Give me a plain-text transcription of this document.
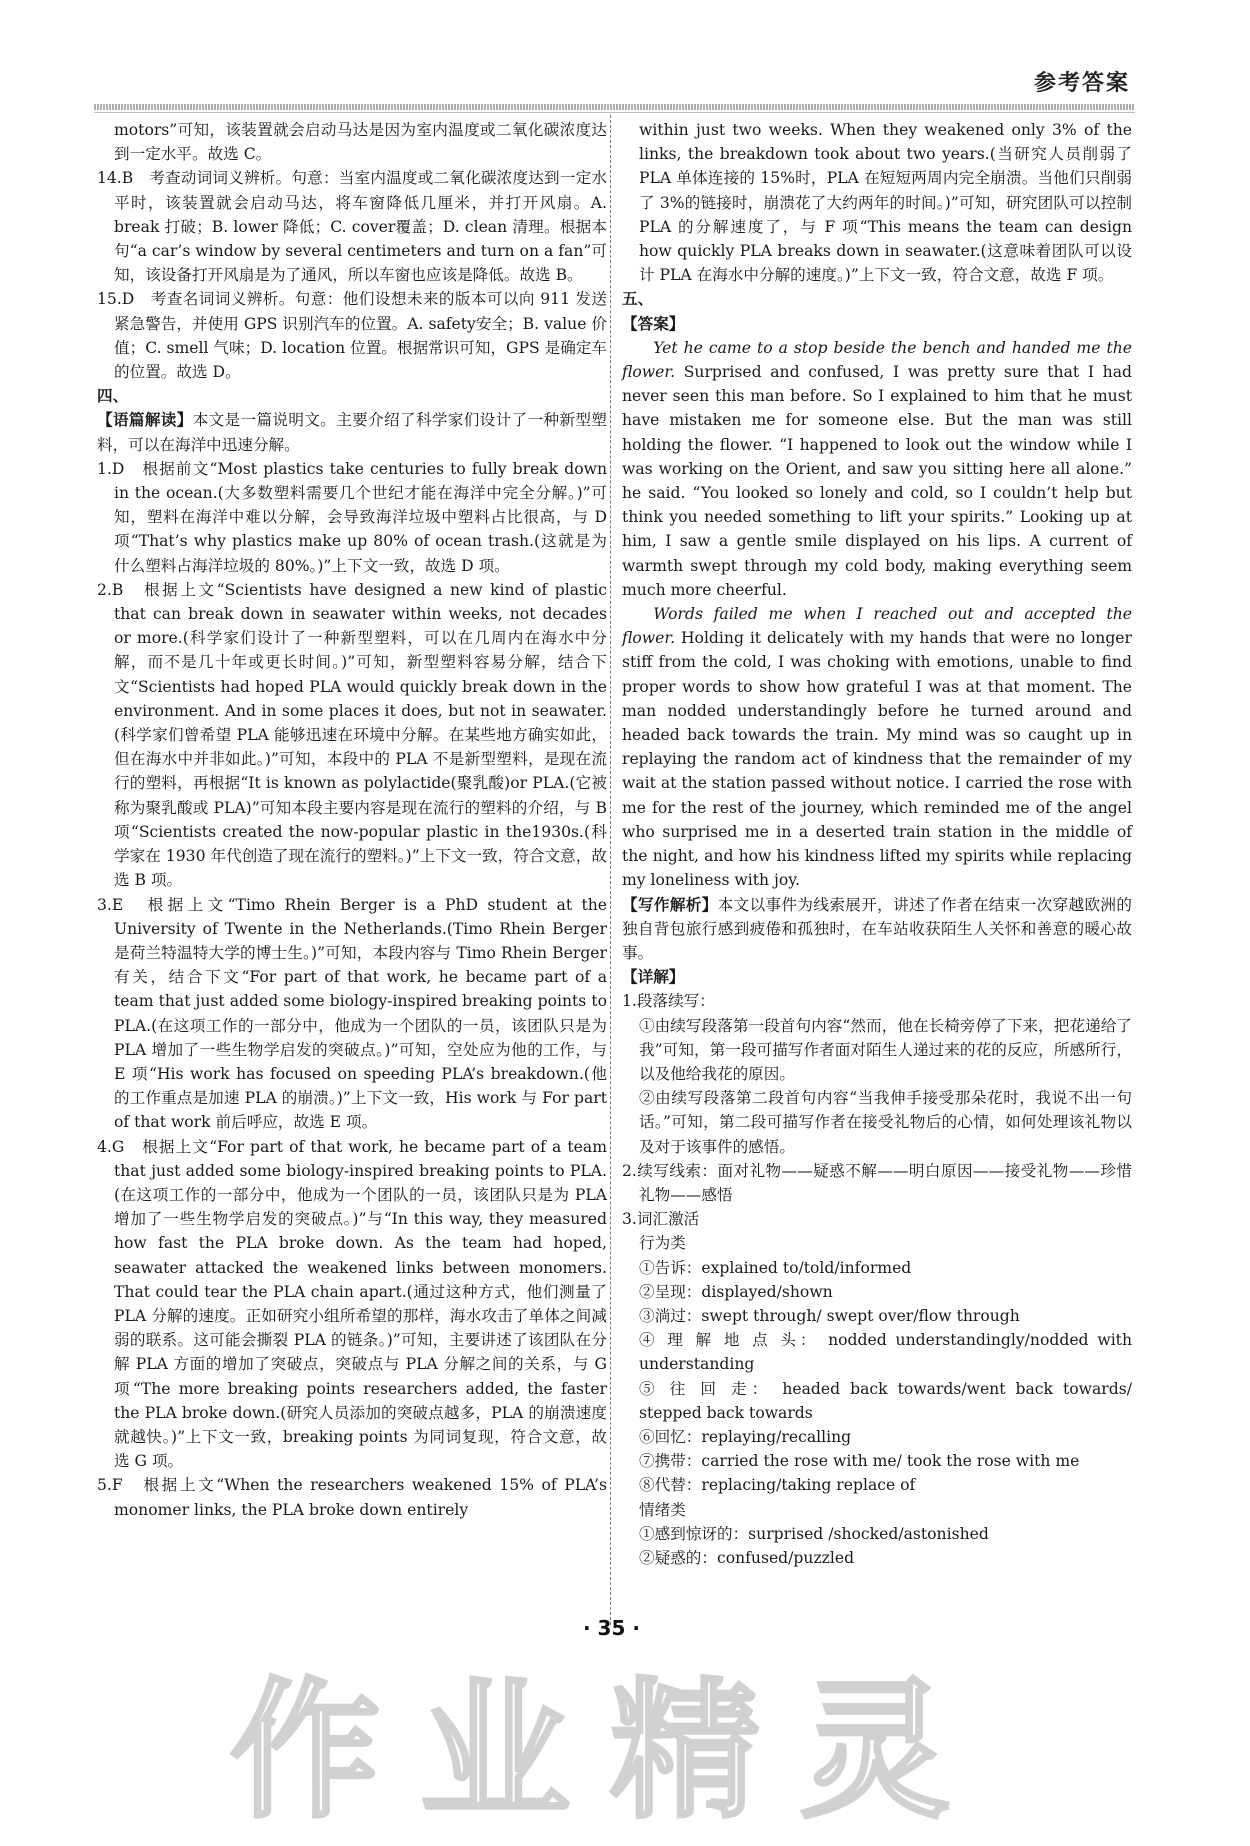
参考答案

motors”可知，该装置就会启动马达是因为室内温度或二氧化碳浓度达到一定水平。故选 C。

14.B　考查动词词义辨析。句意：当室内温度或二氧化碳浓度达到一定水平时，该装置就会启动马达，将车窗降低几厘米，并打开风扇。A. break 打破；B. lower 降低；C. cover覆盖；D. clean 清理。根据本句“a car’s window by several centimeters and turn on a fan”可知，该设备打开风扇是为了通风，所以车窗也应该是降低。故选 B。

15.D　考查名词词义辨析。句意：他们设想未来的版本可以向 911 发送紧急警告，并使用 GPS 识别汽车的位置。A. safety安全；B. value 价值；C. smell 气味；D. location 位置。根据常识可知，GPS 是确定车的位置。故选 D。

四、

【语篇解读】本文是一篇说明文。主要介绍了科学家们设计了一种新型塑料，可以在海洋中迅速分解。

1.D　根据前文“Most plastics take centuries to fully break down in the ocean.(大多数塑料需要几个世纪才能在海洋中完全分解。)”可知，塑料在海洋中难以分解，会导致海洋垃圾中塑料占比很高，与 D 项“That’s why plastics make up 80% of ocean trash.(这就是为什么塑料占海洋垃圾的 80%。)”上下文一致，故选 D 项。

2.B　根据上文“Scientists have designed a new kind of plastic that can break down in seawater within weeks, not decades or more.(科学家们设计了一种新型塑料，可以在几周内在海水中分解，而不是几十年或更长时间。)”可知，新型塑料容易分解，结合下文“Scientists had hoped PLA would quickly break down in the environment. And in some places it does, but not in seawater.(科学家们曾希望 PLA 能够迅速在环境中分解。在某些地方确实如此，但在海水中并非如此。)”可知，本段中的 PLA 不是新型塑料，是现在流行的塑料，再根据“It is known as polylactide(聚乳酸)or PLA.(它被称为聚乳酸或 PLA)”可知本段主要内容是现在流行的塑料的介绍，与 B 项“Scientists created the now-popular plastic in the1930s.(科学家在 1930 年代创造了现在流行的塑料。)”上下文一致，符合文意，故选 B 项。

3.E　根据上文“Timo Rhein Berger is a PhD student at the University of Twente in the Netherlands.(Timo Rhein Berger 是荷兰特温特大学的博士生。)”可知，本段内容与 Timo Rhein Berger 有关，结合下文“For part of that work, he became part of a team that just added some biology-inspired breaking points to PLA.(在这项工作的一部分中，他成为一个团队的一员，该团队只是为 PLA 增加了一些生物学启发的突破点。)”可知，空处应为他的工作，与 E 项“His work has focused on speeding PLA’s breakdown.(他的工作重点是加速 PLA 的崩溃。)”上下文一致，His work 与 For part of that work 前后呼应，故选 E 项。

4.G　根据上文“For part of that work, he became part of a team that just added some biology-inspired breaking points to PLA.(在这项工作的一部分中，他成为一个团队的一员，该团队只是为 PLA 增加了一些生物学启发的突破点。)”与“In this way, they measured how fast the PLA broke down. As the team had hoped, seawater attacked the weakened links between monomers. That could tear the PLA chain apart.(通过这种方式，他们测量了 PLA 分解的速度。正如研究小组所希望的那样，海水攻击了单体之间减弱的联系。这可能会撕裂 PLA 的链条。)”可知，主要讲述了该团队在分解 PLA 方面的增加了突破点，突破点与 PLA 分解之间的关系，与 G 项“The more breaking points researchers added, the faster the PLA broke down.(研究人员添加的突破点越多，PLA 的崩溃速度就越快。)”上下文一致，breaking points 为同词复现，符合文意，故选 G 项。

5.F　根据上文“When the researchers weakened 15% of PLA’s monomer links, the PLA broke down entirely

within just two weeks. When they weakened only 3% of the links, the breakdown took about two years.(当研究人员削弱了 PLA 单体连接的 15%时，PLA 在短短两周内完全崩溃。当他们只削弱了 3%的链接时，崩溃花了大约两年的时间。)”可知，研究团队可以控制 PLA 的分解速度了，与 F 项“This means the team can design how quickly PLA breaks down in seawater.(这意味着团队可以设计 PLA 在海水中分解的速度。)”上下文一致，符合文意，故选 F 项。

五、

【答案】

Yet he came to a stop beside the bench and handed me the flower. Surprised and confused, I was pretty sure that I had never seen this man before. So I explained to him that he must have mistaken me for someone else. But the man was still holding the flower. “I happened to look out the window while I was working on the Orient, and saw you sitting here all alone.” he said. “You looked so lonely and cold, so I couldn’t help but think you needed something to lift your spirits.” Looking up at him, I saw a gentle smile displayed on his lips. A current of warmth swept through my cold body, making everything seem much more cheerful.

Words failed me when I reached out and accepted the flower. Holding it delicately with my hands that were no longer stiff from the cold, I was choking with emotions, unable to find proper words to show how grateful I was at that moment. The man nodded understandingly before he turned around and headed back towards the train. My mind was so caught up in replaying the random act of kindness that the remainder of my wait at the station passed without notice. I carried the rose with me for the rest of the journey, which reminded me of the angel who surprised me in a deserted train station in the middle of the night, and how his kindness lifted my spirits while replacing my loneliness with joy.

【写作解析】本文以事件为线索展开，讲述了作者在结束一次穿越欧洲的独自背包旅行感到疲倦和孤独时，在车站收获陌生人关怀和善意的暖心故事。

【详解】

1.段落续写：

①由续写段落第一段首句内容“然而，他在长椅旁停了下来，把花递给了我”可知，第一段可描写作者面对陌生人递过来的花的反应，所感所行，以及他给我花的原因。

②由续写段落第二段首句内容“当我伸手接受那朵花时，我说不出一句话。”可知，第二段可描写作者在接受礼物后的心情，如何处理该礼物以及对于该事件的感悟。

2.续写线索：面对礼物——疑惑不解——明白原因——接受礼物——珍惜礼物——感悟

3.词汇激活

行为类

①告诉：explained to/told/informed

②呈现：displayed/shown

③淌过：swept through/ swept over/flow through

④ 理 解 地 点 头： nodded understandingly/nodded with understanding

⑤ 往 回 走： headed back towards/went back towards/ stepped back towards

⑥回忆：replaying/recalling

⑦携带：carried the rose with me/ took the rose with me

⑧代替：replacing/taking replace of

情绪类

①感到惊讶的：surprised /shocked/astonished

②疑惑的：confused/puzzled

· 35 ·
作业精灵
